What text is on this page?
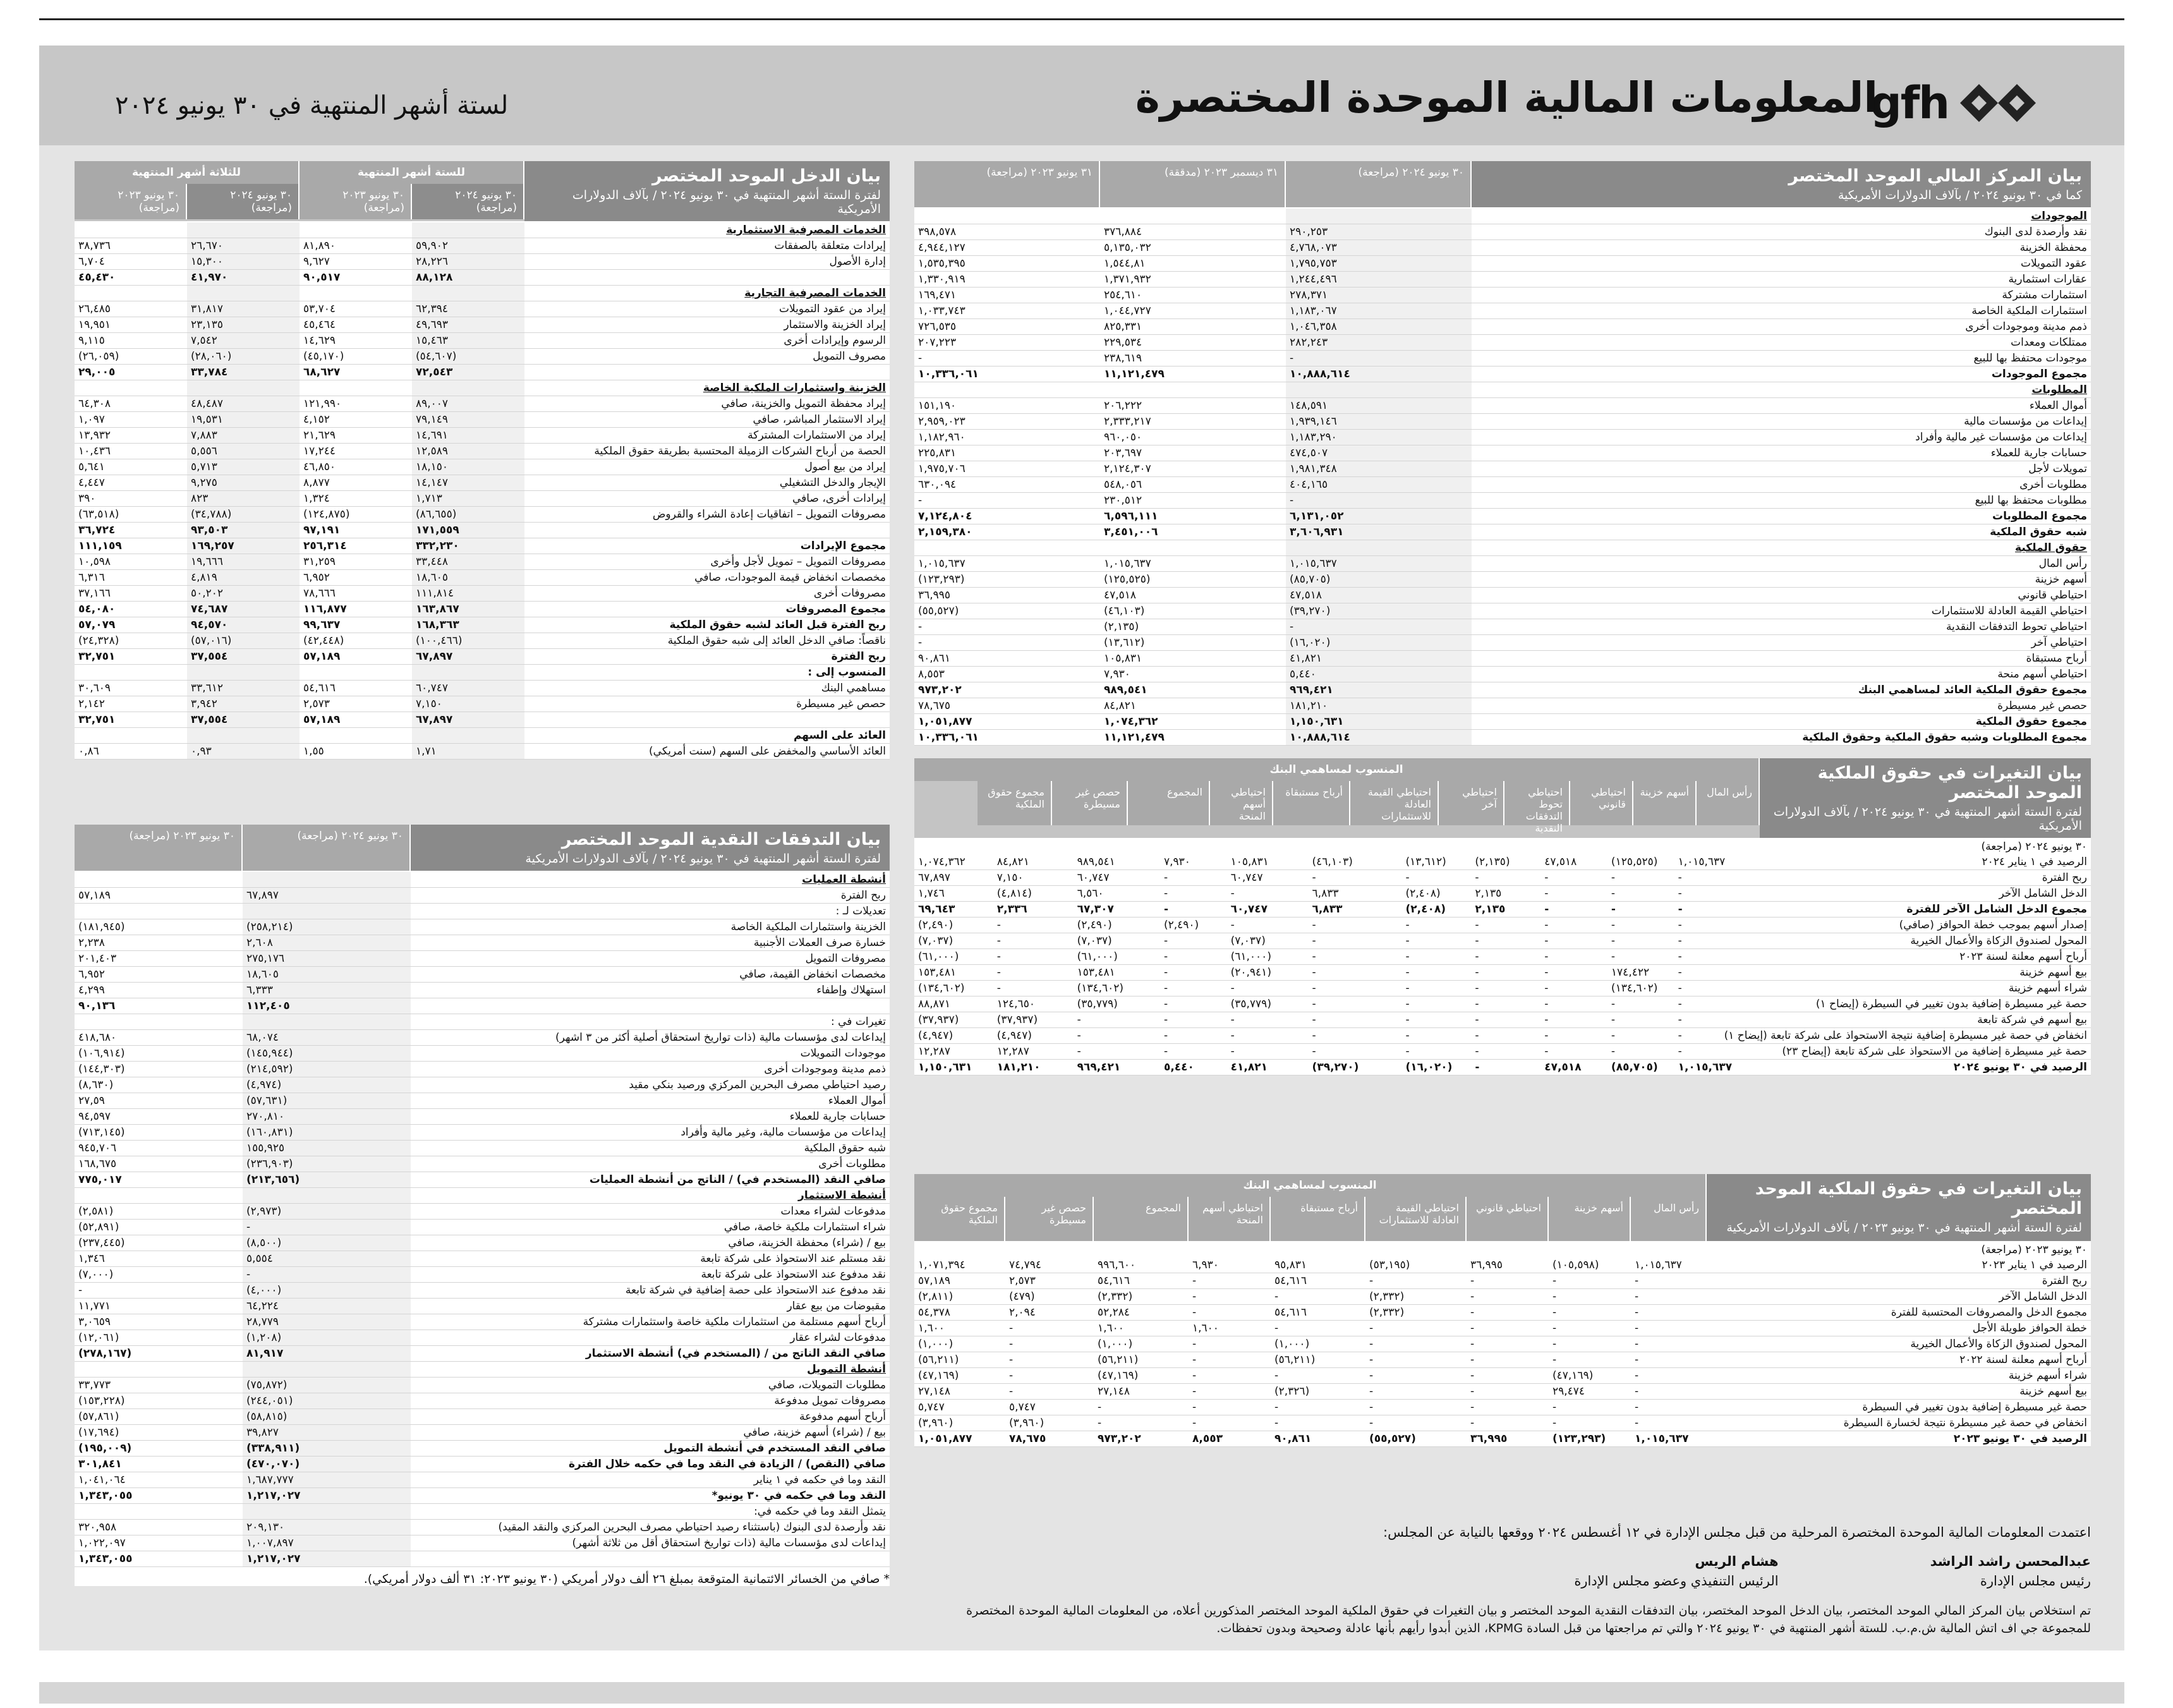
gfh
المعلومات المالية الموحدة المختصرة
لستة أشهر المنتهية في ٣٠ يونيو ٢٠٢٤
بيان المركز المالي الموحد المختصر
كما في ٣٠ يونيو ٢٠٢٤ / بآلاف الدولارات الأمريكية
٣٠ يونيو ٢٠٢٤ (مراجعة)
٣١ ديسمبر ٢٠٢٣ (مدققة)
٣١ يونيو ٢٠٢٣ (مراجعة)
الموجودات			
نقد وأرصدة لدى البنوك	٢٩٠,٢٥٣	٣٧٦,٨٨٤	٣٩٨,٥٧٨
محفظة الخزينة	٤,٧٦٨,٠٧٣	٥,١٣٥,٠٣٢	٤,٩٤٤,١٢٧
عقود التمويلات	١,٧٩٥,٧٥٣	١,٥٤٤,٨١	١,٥٣٥,٣٩٥
عقارات استثمارية	١,٢٤٤,٤٩٦	١,٣٧١,٩٣٢	١,٣٣٠,٩١٩
استثمارات مشتركة	٢٧٨,٣٧١	٢٥٤,٦١٠	١٦٩,٤٧١
استثمارات الملكية الخاصة	١,١٨٣,٠٦٧	١,٠٤٤,٧٢٧	١,٠٣٣,٧٤٣
ذمم مدينة وموجودات أخرى	١,٠٤٦,٣٥٨	٨٢٥,٣٣١	٧٢٦,٥٣٥
ممتلكات ومعدات	٢٨٢,٢٤٣	٢٢٩,٥٣٤	٢٠٧,٢٢٣
موجودات محتفظ بها للبيع	-	٢٣٨,٦١٩	-
مجموع الموجودات	١٠,٨٨٨,٦١٤	١١,١٢١,٤٧٩	١٠,٣٣٦,٠٦١
المطلوبات			
أموال العملاء	١٤٨,٥٩١	٢٠٦,٢٢٢	١٥١,١٩٠
إيداعات من مؤسسات مالية	١,٩٣٩,١٤٦	٢,٣٣٣,٢١٧	٢,٩٥٩,٠٢٣
إيداعات من مؤسسات غير مالية وأفراد	١,١٨٣,٢٩٠	٩٦٠,٠٥٠	١,١٨٢,٩٦٠
حسابات جارية للعملاء	٤٧٤,٥٠٧	٢٠٣,٦٩٧	٢٢٥,٨٣١
تمويلات لأجل	١,٩٨١,٣٤٨	٢,١٢٤,٣٠٧	١,٩٧٥,٧٠٦
مطلوبات أخرى	٤٠٤,١٦٥	٥٤٨,٠٥٦	٦٣٠,٠٩٤
مطلوبات محتفظ بها للبيع	-	٢٣٠,٥١٢	-
مجموع المطلوبات	٦,١٣١,٠٥٢	٦,٥٩٦,١١١	٧,١٢٤,٨٠٤
شبه حقوق الملكية	٣,٦٠٦,٩٣١	٣,٤٥١,٠٠٦	٢,١٥٩,٣٨٠
حقوق الملكية			
رأس المال	١,٠١٥,٦٣٧	١,٠١٥,٦٣٧	١,٠١٥,٦٣٧
أسهم خزينة	(٨٥,٧٠٥)	(١٢٥,٥٢٥)	(١٢٣,٢٩٣)
احتياطي قانوني	٤٧,٥١٨	٤٧,٥١٨	٣٦,٩٩٥
احتياطي القيمة العادلة للاستثمارات	(٣٩,٢٧٠)	(٤٦,١٠٣)	(٥٥,٥٢٧)
احتياطي تحوط التدفقات النقدية	-	(٢,١٣٥)	-
احتياطي آخر	(١٦,٠٢٠)	(١٣,٦١٢)	-
أرباح مستبقاة	٤١,٨٢١	١٠٥,٨٣١	٩٠,٨٦١
احتياطي أسهم منحة	٥,٤٤٠	٧,٩٣٠	٨,٥٥٣
مجموع حقوق الملكية العائد لمساهمي البنك	٩٦٩,٤٢١	٩٨٩,٥٤١	٩٧٣,٢٠٢
حصص غير مسيطرة	١٨١,٢١٠	٨٤,٨٢١	٧٨,٦٧٥
مجموع حقوق الملكية	١,١٥٠,٦٣١	١,٠٧٤,٣٦٢	١,٠٥١,٨٧٧
مجموع المطلوبات وشبه حقوق الملكية وحقوق الملكية	١٠,٨٨٨,٦١٤	١١,١٢١,٤٧٩	١٠,٣٣٦,٠٦١
بيان الدخل الموحد المختصر
لفترة الستة أشهر المنتهية في ٣٠ يونيو ٢٠٢٤ / بآلاف الدولارات الأمريكية
للستة أشهر المنتهية
للثلاثة أشهر المنتهية
٣٠ يونيو ٢٠٢٤ (مراجعة)
٣٠ يونيو ٢٠٢٣ (مراجعة)
٣٠ يونيو ٢٠٢٤ (مراجعة)
٣٠ يونيو ٢٠٢٣ (مراجعة)
الخدمات المصرفية الاستثمارية				
إيرادات متعلقة بالصفقات	٥٩,٩٠٢	٨١,٨٩٠	٢٦,٦٧٠	٣٨,٧٣٦
إدارة الأصول	٢٨,٢٢٦	٩,٦٢٧	١٥,٣٠٠	٦,٧٠٤
	٨٨,١٢٨	٩٠,٥١٧	٤١,٩٧٠	٤٥,٤٣٠
الخدمات المصرفية التجارية				
إيراد من عقود التمويلات	٦٢,٣٩٤	٥٣,٧٠٤	٣١,٨١٧	٢٦,٤٨٥
إيراد الخزينة والاستثمار	٤٩,٦٩٣	٤٥,٤٦٤	٢٣,١٣٥	١٩,٩٥١
الرسوم وإيرادات أخرى	١٥,٤٦٣	١٤,٦٢٩	٧,٥٤٢	٩,١١٥
مصروف التمويل	(٥٤,٦٠٧)	(٤٥,١٧٠)	(٢٨,٠٦٠)	(٢٦,٠٥٩)
	٧٢,٥٤٣	٦٨,٦٢٧	٣٣,٧٨٤	٢٩,٠٠٥
الخزينة واستثمارات الملكية الخاصة				
إيراد محفظة التمويل والخزينة، صافي	٨٩,٠٠٧	١٢١,٩٩٠	٤٨,٤٨٧	٦٤,٣٠٨
إيراد الاستثمار المباشر، صافي	٧٩,١٤٩	٤,١٥٢	١٩,٥٣١	١,٠٩٧
إيراد من الاستثمارات المشتركة	١٤,٦٩١	٢١,٦٢٩	٧,٨٨٣	١٣,٩٣٢
الحصة من أرباح الشركات الزميلة المحتسبة بطريقة حقوق الملكية	١٢,٥٨٩	١٧,٢٤٤	٥,٥٥٦	١٠,٤٣٦
إيراد من بيع أصول	١٨,١٥٠	٤٦,٨٥٠	٥,٧١٣	٥,٦٤١
الإيجار والدخل التشغيلي	١٤,١٤٧	٨,٨٧٧	٩,٢٧٥	٤,٤٤٧
إيرادات أخرى، صافي	١,٧١٣	١,٣٢٤	٨٢٣	٣٩٠
مصروفات التمويل – اتفاقيات إعادة الشراء والقروض	(٨٦,٦٥٥)	(١٢٤,٨٧٥)	(٣٤,٧٨٨)	(٦٣,٥١٨)
	١٧١,٥٥٩	٩٧,١٩١	٩٣,٥٠٣	٣٦,٧٢٤
مجموع الإيرادات	٣٣٢,٢٣٠	٢٥٦,٣١٤	١٦٩,٢٥٧	١١١,١٥٩
مصروفات التمويل – تمويل لأجل وأخرى	٣٣,٤٤٨	٣١,٢٥٩	١٩,٦٦٦	١٠,٥٩٨
مخصصات انخفاض قيمة الموجودات، صافي	١٨,٦٠٥	٦,٩٥٢	٤,٨١٩	٦,٣١٦
مصروفات أخرى	١١١,٨١٤	٧٨,٦٦٦	٥٠,٢٠٢	٣٧,١٦٦
مجموع المصروفات	١٦٣,٨٦٧	١١٦,٨٧٧	٧٤,٦٨٧	٥٤,٠٨٠
ربح الفترة قبل العائد لشبه حقوق الملكية	١٦٨,٣٦٣	٩٩,٦٣٧	٩٤,٥٧٠	٥٧,٠٧٩
ناقصاً: صافي الدخل العائد إلى شبه حقوق الملكية	(١٠٠,٤٦٦)	(٤٢,٤٤٨)	(٥٧,٠١٦)	(٢٤,٣٢٨)
ربح الفترة	٦٧,٨٩٧	٥٧,١٨٩	٣٧,٥٥٤	٣٢,٧٥١
المنسوب إلى :				
مساهمي البنك	٦٠,٧٤٧	٥٤,٦١٦	٣٣,٦١٢	٣٠,٦٠٩
حصص غير مسيطرة	٧,١٥٠	٢,٥٧٣	٣,٩٤٢	٢,١٤٢
	٦٧,٨٩٧	٥٧,١٨٩	٣٧,٥٥٤	٣٢,٧٥١
العائد على السهم				
العائد الأساسي والمخفض على السهم (سنت أمريكي)	١,٧١	١,٥٥	٠,٩٣	٠,٨٦
بيان التدفقات النقدية الموحد المختصر
لفترة الستة أشهر المنتهية في ٣٠ يونيو ٢٠٢٤ / بآلاف الدولارات الأمريكية
٣٠ يونيو ٢٠٢٤ (مراجعة)
٣٠ يونيو ٢٠٢٣ (مراجعة)
أنشطة العمليات		
ربح الفترة	٦٧,٨٩٧	٥٧,١٨٩
تعديلات لـ :		
الخزينة واستثمارات الملكية الخاصة	(٢٥٨,٢١٤)	(١٨١,٩٤٥)
خسارة صرف العملات الأجنبية	٢,٦٠٨	٢,٢٣٨
مصروفات التمويل	٢٧٥,١٧٦	٢٠١,٤٠٣
مخصصات انخفاض القيمة، صافي	١٨,٦٠٥	٦,٩٥٢
استهلاك وإطفاء	٦,٣٣٣	٤,٢٩٩
	١١٢,٤٠٥	٩٠,١٣٦
تغيرات في :		
إيداعات لدى مؤسسات مالية (ذات تواريخ استحقاق أصلية أكثر من ٣ اشهر)	٦٨,٠٧٤	٤١٨,٦٨٠
موجودات التمويلات	(١٤٥,٩٤٤)	(١٠٦,٩١٤)
ذمم مدينة وموجودات أخرى	(٢١٤,٥٩٢)	(١٤٤,٣٠٣)
رصيد احتياطي مصرف البحرين المركزي ورصيد بنكي مقيد	(٤,٩٧٤)	(٨,٦٣٠)
أموال العملاء	(٥٧,٦٣١)	٢٧,٥٩
حسابات جارية للعملاء	٢٧٠,٨١٠	٩٤,٥٩٧
إيداعات من مؤسسات مالية، وغير مالية وأفراد	(١٦٠,٨٣١)	(٧١٣,١٤٥)
شبه حقوق الملكية	١٥٥,٩٢٥	٩٤٥,٧٠٦
مطلوبات أخرى	(٢٣٦,٩٠٣)	١٦٨,٦٧٥
صافي النقد (المستخدم في) / الناتج من أنشطة العمليات	(٢١٣,٦٥٦)	٧٧٥,٠١٧
أنشطة الاستثمار		
مدفوعات لشراء معدات	(٢,٩٧٣)	(٢,٥٨١)
شراء استثمارات ملكية خاصة، صافي	-	(٥٢,٨٩١)
بيع / (شراء) محفظة الخزينة، صافي	(٨,٥٠٠)	(٢٣٧,٤٤٥)
نقد مستلم عند الاستحواذ على شركة تابعة	٥,٥٥٤	١,٣٤٦
نقد مدفوع عند الاستحواذ على شركة تابعة	-	(٧,٠٠٠)
نقد مدفوع عند الاستحواذ على حصة إضافية في شركة تابعة	(٤,٠٠٠)	-
مقبوضات من بيع عقار	٦٤,٢٢٤	١١,٧٧١
أرباح أسهم مستلمة من استثمارات ملكية خاصة واستثمارات مشتركة	٢٨,٧٧٩	٣,٠٦٥٩
مدفوعات لشراء عقار	(١,٢٠٨)	(١٢,٠٦١)
صافي النقد الناتج من / (المستخدم في) أنشطة الاستثمار	٨١,٩١٧	(٢٧٨,١٦٧)
أنشطة التمويل		
مطلوبات التمويلات، صافي	(٧٥,٨٧٢)	٣٣,٧٧٣
مصروفات تمويل مدفوعة	(٢٤٤,٠٥١)	(١٥٣,٢٢٨)
أرباح أسهم مدفوعة	(٥٨,٨١٥)	(٥٧,٨٦١)
بيع / (شراء) أسهم خزينة، صافي	٣٩,٨٢٧	(١٧,٦٩٤)
صافي النقد المستخدم في أنشطة التمويل	(٣٣٨,٩١١)	(١٩٥,٠٠٩)
صافي (النقص) / الزيادة في النقد وما في حكمه خلال الفترة	(٤٧٠,٠٧٠)	٣٠١,٨٤١
النقد وما في حكمه في ١ يناير	١,٦٨٧,٧٧٧	١,٠٤١,٠٦٤
النقد وما في حكمه في ٣٠ يونيو*	١,٢١٧,٠٢٧	١,٣٤٣,٠٥٥
يتمثل النقد وما في حكمه في:		
نقد وأرصدة لدى البنوك (باستثناء رصيد احتياطي مصرف البحرين المركزي والنقد المقيد)	٢٠٩,١٣٠	٣٢٠,٩٥٨
إيداعات لدى مؤسسات مالية (ذات تواريخ استحقاق أقل من ثلاثة أشهر)	١,٠٠٧,٨٩٧	١,٠٢٢,٠٩٧
	١,٢١٧,٠٢٧	١,٣٤٣,٠٥٥
* صافي من الخسائر الائتمانية المتوقعة بمبلغ ٢٦ ألف دولار أمريكي (٣٠ يونيو ٢٠٢٣: ٣١ ألف دولار أمريكي).
بيان التغيرات في حقوق الملكية الموحد المختصر
لفترة الستة أشهر المنتهية في ٣٠ يونيو ٢٠٢٤ / بآلاف الدولارات الأمريكية
المنسوب لمساهمي البنك
رأس المال
أسهم خزينة
احتياطي قانوني
احتياطي تحوط التدفقات النقدية
احتياطي آخر
احتياطي القيمة العادلة للاستثمارات
أرباح مستبقاة
احتياطي أسهم المنحة
المجموع
حصص غير مسيطرة
مجموع حقوق الملكية
٣٠ يونيو ٢٠٢٤ (مراجعة)
الرصيد في ١ يناير ٢٠٢٤	١,٠١٥,٦٣٧	(١٢٥,٥٢٥)	٤٧,٥١٨	(٢,١٣٥)	(١٣,٦١٢)	(٤٦,١٠٣)	١٠٥,٨٣١	٧,٩٣٠	٩٨٩,٥٤١	٨٤,٨٢١	١,٠٧٤,٣٦٢
ربح الفترة	-	-	-	-	-	-	٦٠,٧٤٧	-	٦٠,٧٤٧	٧,١٥٠	٦٧,٨٩٧
الدخل الشامل الآخر	-	-	-	٢,١٣٥	(٢,٤٠٨)	٦,٨٣٣	-	-	٦,٥٦٠	(٤,٨١٤)	١,٧٤٦
مجموع الدخل الشامل الآخر للفترة	-	-	-	٢,١٣٥	(٢,٤٠٨)	٦,٨٣٣	٦٠,٧٤٧	-	٦٧,٣٠٧	٢,٣٣٦	٦٩,٦٤٣
إصدار أسهم بموجب خطة الحوافز (صافي)	-	-	-	-	-	-	-	(٢,٤٩٠)	(٢,٤٩٠)	-	(٢,٤٩٠)
المحول لصندوق الزكاة والأعمال الخيرية	-	-	-	-	-	-	(٧,٠٣٧)	-	(٧,٠٣٧)	-	(٧,٠٣٧)
أرباح أسهم معلنة لسنة ٢٠٢٣	-	-	-	-	-	-	(٦١,٠٠٠)	-	(٦١,٠٠٠)	-	(٦١,٠٠٠)
بيع أسهم خزينة	-	١٧٤,٤٢٢	-	-	-	-	(٢٠,٩٤١)	-	١٥٣,٤٨١	-	١٥٣,٤٨١
شراء أسهم خزينة	-	(١٣٤,٦٠٢)	-	-	-	-	-	-	(١٣٤,٦٠٢)	-	(١٣٤,٦٠٢)
حصة غير مسيطرة إضافية بدون تغيير في السيطرة (إيضاح ١)	-	-	-	-	-	-	(٣٥,٧٧٩)	-	(٣٥,٧٧٩)	١٢٤,٦٥٠	٨٨,٨٧١
بيع أسهم في شركة تابعة	-	-	-	-	-	-	-	-	-	(٣٧,٩٣٧)	(٣٧,٩٣٧)
انخفاض في حصة غير مسيطرة إضافية نتيجة الاستحواذ على شركة تابعة (إيضاح ١)	-	-	-	-	-	-	-	-	-	(٤,٩٤٧)	(٤,٩٤٧)
حصة غير مسيطرة إضافية من الاستحواذ على شركة تابعة (إيضاح ٢٣)	-	-	-	-	-	-	-	-	-	١٢,٢٨٧	١٢,٢٨٧
الرصيد في ٣٠ يونيو ٢٠٢٤	١,٠١٥,٦٣٧	(٨٥,٧٠٥)	٤٧,٥١٨	-	(١٦,٠٢٠)	(٣٩,٢٧٠)	٤١,٨٢١	٥,٤٤٠	٩٦٩,٤٢١	١٨١,٢١٠	١,١٥٠,٦٣١
بيان التغيرات في حقوق الملكية الموحد المختصر
لفترة الستة أشهر المنتهية في ٣٠ يونيو ٢٠٢٣ / بآلاف الدولارات الأمريكية
المنسوب لمساهمي البنك
رأس المال
أسهم خزينة
احتياطي قانوني
احتياطي القيمة العادلة للاستثمارات
أرباح مستبقاة
احتياطي أسهم المنحة
المجموع
حصص غير مسيطرة
مجموع حقوق الملكية
٣٠ يونيو ٢٠٢٣ (مراجعة)
الرصيد في ١ يناير ٢٠٢٣	١,٠١٥,٦٣٧	(١٠٥,٥٩٨)	٣٦,٩٩٥	(٥٣,١٩٥)	٩٥,٨٣١	٦,٩٣٠	٩٩٦,٦٠٠	٧٤,٧٩٤	١,٠٧١,٣٩٤
ربح الفترة	-	-	-	-	٥٤,٦١٦	-	٥٤,٦١٦	٢,٥٧٣	٥٧,١٨٩
الدخل الشامل الآخر	-	-	-	(٢,٣٣٢)	-	-	(٢,٣٣٢)	(٤٧٩)	(٢,٨١١)
مجموع الدخل والمصروفات المحتسبة للفترة	-	-	-	(٢,٣٣٢)	٥٤,٦١٦	-	٥٢,٢٨٤	٢,٠٩٤	٥٤,٣٧٨
خطة الحوافز طويلة الأجل	-	-	-	-	-	١,٦٠٠	١,٦٠٠	-	١,٦٠٠
المحول لصندوق الزكاة والأعمال الخيرية	-	-	-	-	(١,٠٠٠)	-	(١,٠٠٠)	-	(١,٠٠٠)
أرباح أسهم معلنة لسنة ٢٠٢٢	-	-	-	-	(٥٦,٢١١)	-	(٥٦,٢١١)	-	(٥٦,٢١١)
شراء أسهم خزينة	-	(٤٧,١٦٩)	-	-	-	-	(٤٧,١٦٩)	-	(٤٧,١٦٩)
بيع أسهم خزينة	-	٢٩,٤٧٤	-	-	(٢,٣٢٦)	-	٢٧,١٤٨	-	٢٧,١٤٨
حصة غير مسيطرة إضافية بدون تغيير في السيطرة	-	-	-	-	-	-	-	٥,٧٤٧	٥,٧٤٧
انخفاض في حصة غير مسيطرة نتيجة لخسارة السيطرة	-	-	-	-	-	-	-	(٣,٩٦٠)	(٣,٩٦٠)
الرصيد في ٣٠ يونيو ٢٠٢٣	١,٠١٥,٦٣٧	(١٢٣,٢٩٣)	٣٦,٩٩٥	(٥٥,٥٢٧)	٩٠,٨٦١	٨,٥٥٣	٩٧٣,٢٠٢	٧٨,٦٧٥	١,٠٥١,٨٧٧
اعتمدت المعلومات المالية الموحدة المختصرة المرحلية من قبل مجلس الإدارة في ١٢ أغسطس ٢٠٢٤ ووقعها بالنيابة عن المجلس:
عبدالمحسن راشد الراشد
رئيس مجلس الإدارة
هشام الريس
الرئيس التنفيذي وعضو مجلس الإدارة
تم استخلاص بيان المركز المالي الموحد المختصر، بيان الدخل الموحد المختصر، بيان التدفقات النقدية الموحد المختصر و بيان التغيرات في حقوق الملكية الموحد المختصر المذكورين أعلاه، من المعلومات المالية الموحدة المختصرة للمجموعة جي اف اتش المالية ش.م.ب. للستة أشهر المنتهية في ٣٠ يونيو ٢٠٢٤ والتي تم مراجعتها من قبل السادة KPMG، الذين أبدوا رأيهم بأنها عادلة وصحيحة وبدون تحفظات.
